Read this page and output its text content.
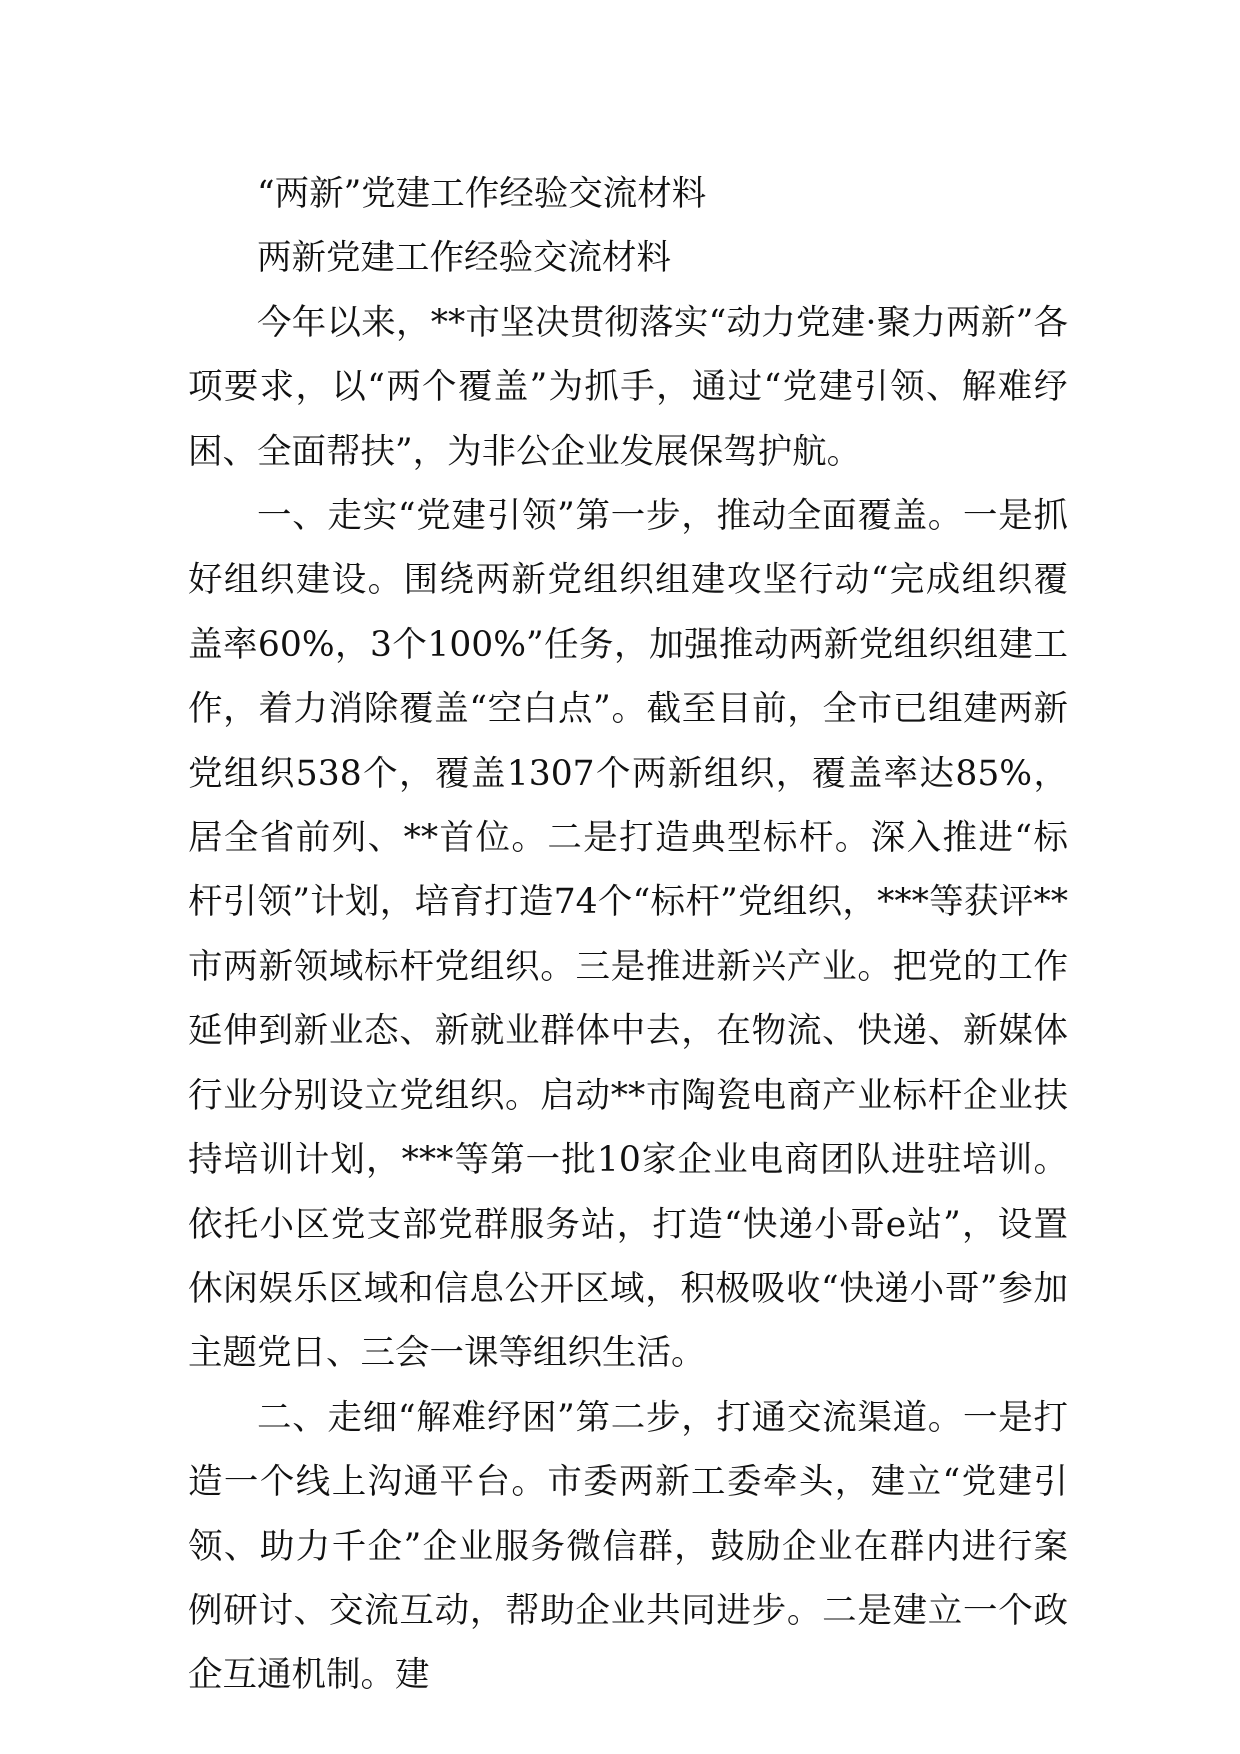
“两新”党建工作经验交流材料

两新党建工作经验交流材料

今年以来，**市坚决贯彻落实“动力党建·聚力两新”各项要求，以“两个覆盖”为抓手，通过“党建引领、解难纾困、全面帮扶”，为非公企业发展保驾护航。

一、走实“党建引领”第一步，推动全面覆盖。一是抓好组织建设。围绕两新党组织组建攻坚行动“完成组织覆盖率60%，3个100%”任务，加强推动两新党组织组建工作，着力消除覆盖“空白点”。截至目前，全市已组建两新党组织538个，覆盖1307个两新组织，覆盖率达85%，居全省前列、**首位。二是打造典型标杆。深入推进“标杆引领”计划，培育打造74个“标杆”党组织，***等获评**市两新领域标杆党组织。三是推进新兴产业。把党的工作延伸到新业态、新就业群体中去，在物流、快递、新媒体行业分别设立党组织。启动**市陶瓷电商产业标杆企业扶持培训计划，***等第一批10家企业电商团队进驻培训。依托小区党支部党群服务站，打造“快递小哥e站”，设置休闲娱乐区域和信息公开区域，积极吸收“快递小哥”参加主题党日、三会一课等组织生活。

二、走细“解难纾困”第二步，打通交流渠道。一是打造一个线上沟通平台。市委两新工委牵头，建立“党建引领、助力千企”企业服务微信群，鼓励企业在群内进行案例研讨、交流互动，帮助企业共同进步。二是建立一个政企互通机制。建
